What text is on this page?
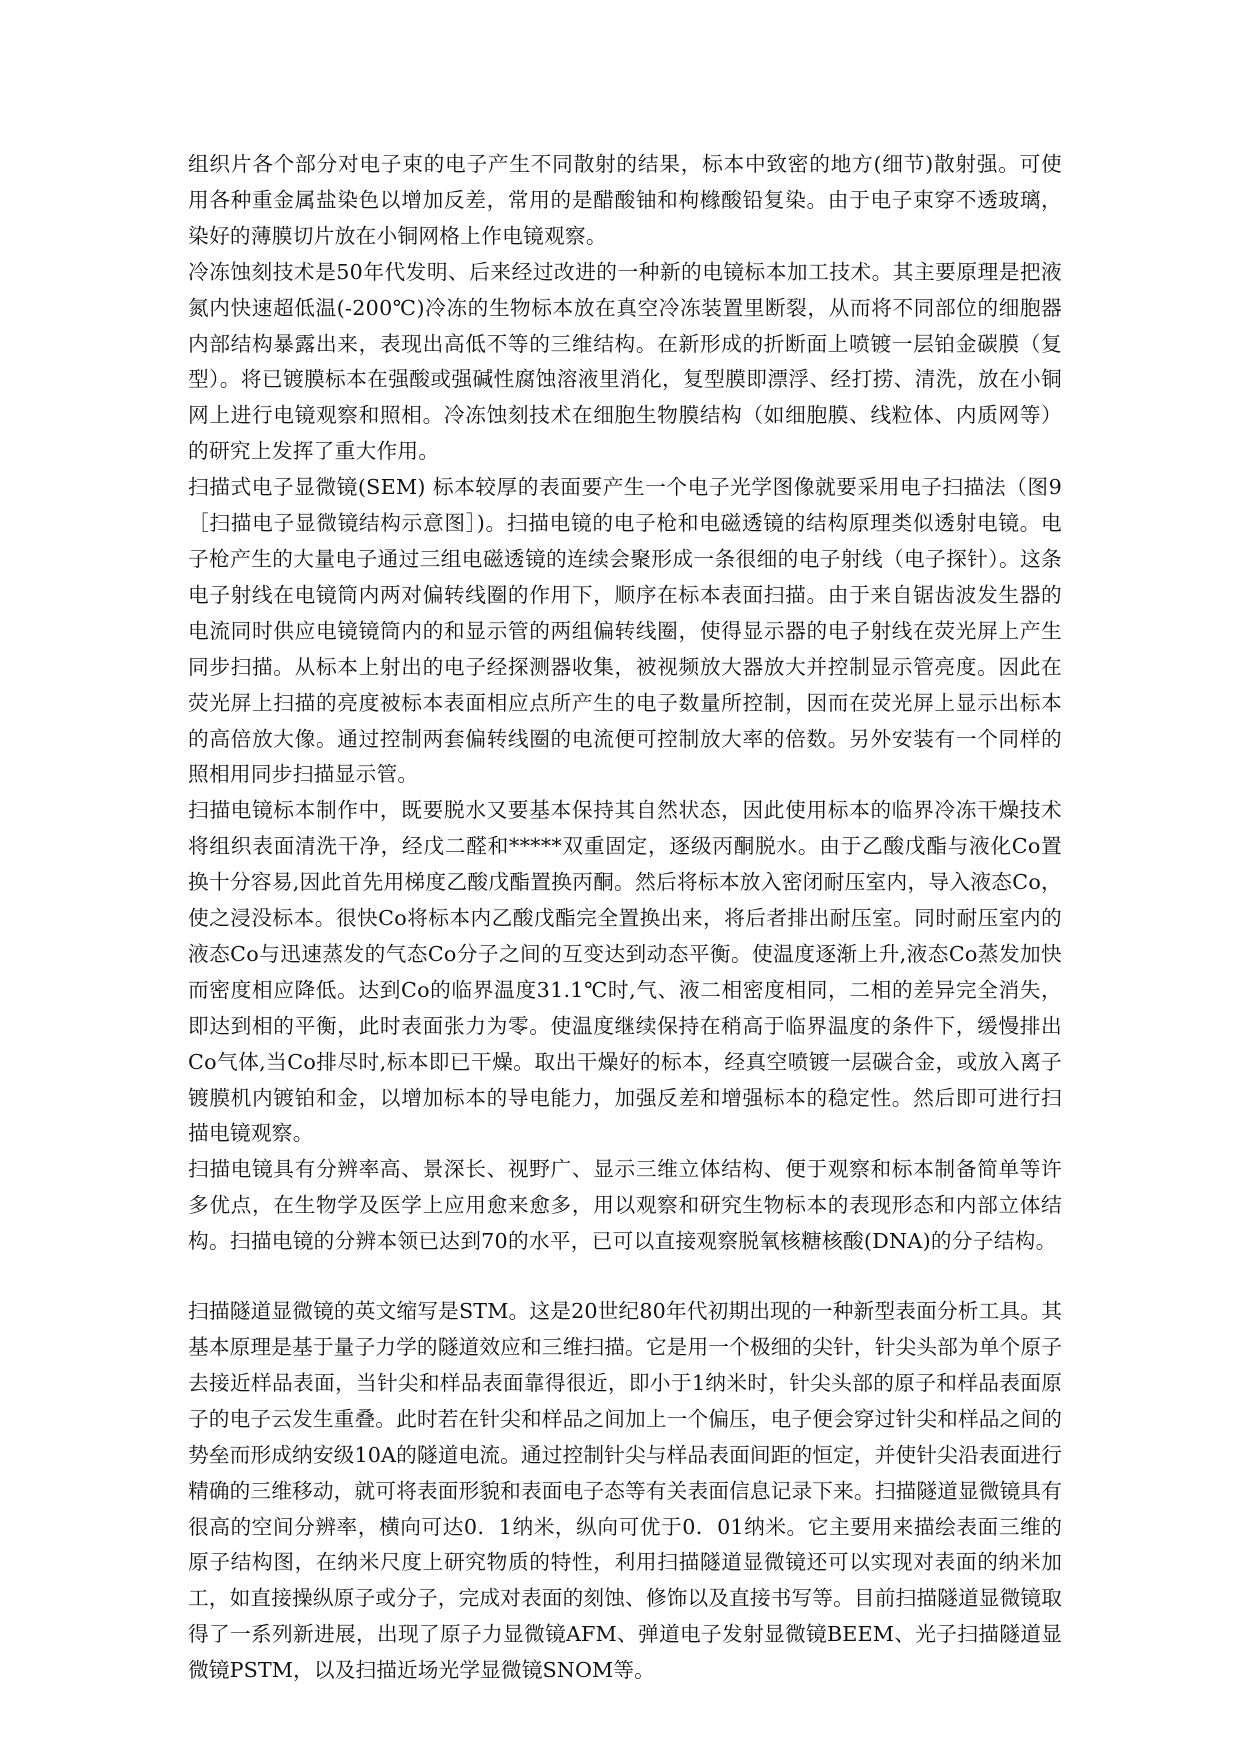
组织片各个部分对电子束的电子产生不同散射的结果，标本中致密的地方(细节)散射强。可使用各种重金属盐染色以增加反差，常用的是醋酸铀和枸橼酸铅复染。由于电子束穿不透玻璃，染好的薄膜切片放在小铜网格上作电镜观察。

冷冻蚀刻技术是50年代发明、后来经过改进的一种新的电镜标本加工技术。其主要原理是把液氮内快速超低温(-200℃)冷冻的生物标本放在真空冷冻装置里断裂，从而将不同部位的细胞器内部结构暴露出来，表现出高低不等的三维结构。在新形成的折断面上喷镀一层铂金碳膜（复型）。将已镀膜标本在强酸或强碱性腐蚀溶液里消化，复型膜即漂浮、经打捞、清洗，放在小铜网上进行电镜观察和照相。冷冻蚀刻技术在细胞生物膜结构（如细胞膜、线粒体、内质网等）的研究上发挥了重大作用。

扫描式电子显微镜(SEM) 标本较厚的表面要产生一个电子光学图像就要采用电子扫描法（图9［扫描电子显微镜结构示意图］)。扫描电镜的电子枪和电磁透镜的结构原理类似透射电镜。电子枪产生的大量电子通过三组电磁透镜的连续会聚形成一条很细的电子射线（电子探针）。这条电子射线在电镜筒内两对偏转线圈的作用下，顺序在标本表面扫描。由于来自锯齿波发生器的电流同时供应电镜镜筒内的和显示管的两组偏转线圈，使得显示器的电子射线在荧光屏上产生同步扫描。从标本上射出的电子经探测器收集，被视频放大器放大并控制显示管亮度。因此在荧光屏上扫描的亮度被标本表面相应点所产生的电子数量所控制，因而在荧光屏上显示出标本的高倍放大像。通过控制两套偏转线圈的电流便可控制放大率的倍数。另外安装有一个同样的照相用同步扫描显示管。

扫描电镜标本制作中，既要脱水又要基本保持其自然状态，因此使用标本的临界冷冻干燥技术 将组织表面清洗干净，经戊二醛和*****双重固定，逐级丙酮脱水。由于乙酸戊酯与液化Co置换十分容易,因此首先用梯度乙酸戊酯置换丙酮。然后将标本放入密闭耐压室内，导入液态Co，使之浸没标本。很快Co将标本内乙酸戊酯完全置换出来，将后者排出耐压室。同时耐压室内的液态Co与迅速蒸发的气态Co分子之间的互变达到动态平衡。使温度逐渐上升,液态Co蒸发加快而密度相应降低。达到Co的临界温度31.1℃时,气、液二相密度相同，二相的差异完全消失，即达到相的平衡，此时表面张力为零。使温度继续保持在稍高于临界温度的条件下，缓慢排出Co气体,当Co排尽时,标本即已干燥。取出干燥好的标本，经真空喷镀一层碳合金，或放入离子镀膜机内镀铂和金，以增加标本的导电能力，加强反差和增强标本的稳定性。然后即可进行扫描电镜观察。

扫描电镜具有分辨率高、景深长、视野广、显示三维立体结构、便于观察和标本制备简单等许多优点，在生物学及医学上应用愈来愈多，用以观察和研究生物标本的表现形态和内部立体结构。扫描电镜的分辨本领已达到70的水平，已可以直接观察脱氧核糖核酸(DNA)的分子结构。

扫描隧道显微镜的英文缩写是STM。这是20世纪80年代初期出现的一种新型表面分析工具。其基本原理是基于量子力学的隧道效应和三维扫描。它是用一个极细的尖针，针尖头部为单个原子去接近样品表面，当针尖和样品表面靠得很近，即小于1纳米时，针尖头部的原子和样品表面原子的电子云发生重叠。此时若在针尖和样品之间加上一个偏压，电子便会穿过针尖和样品之间的势垒而形成纳安级10A的隧道电流。通过控制针尖与样品表面间距的恒定，并使针尖沿表面进行精确的三维移动，就可将表面形貌和表面电子态等有关表面信息记录下来。扫描隧道显微镜具有很高的空间分辨率，横向可达0．1纳米，纵向可优于0．01纳米。它主要用来描绘表面三维的原子结构图，在纳米尺度上研究物质的特性，利用扫描隧道显微镜还可以实现对表面的纳米加工，如直接操纵原子或分子，完成对表面的刻蚀、修饰以及直接书写等。目前扫描隧道显微镜取得了一系列新进展，出现了原子力显微镜AFM、弹道电子发射显微镜BEEM、光子扫描隧道显微镜PSTM，以及扫描近场光学显微镜SNOM等。
